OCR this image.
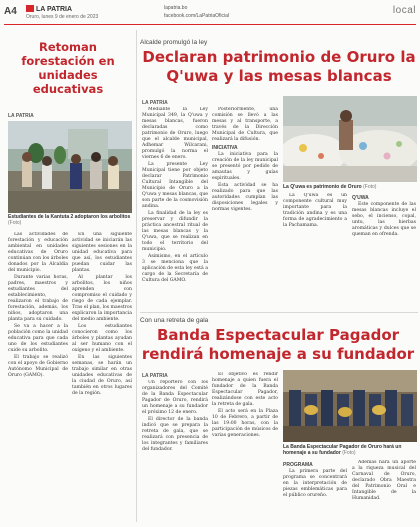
A4	LA PATRIA
Oruro, lunes 9 de enero de 2023
lapatria.bo
facebook.com/LaPatriaOficial	local
Retoman forestación en unidades educativas
LA PATRIA
Estudiantes de la Kantuta 2 adoptaron los arbolitos (Foto)

Las actividades de forestación y educación ambiental en unidades educativas de Oruro continúan con los árboles donados por la Alcaldía del municipio.

Durante varias horas, padres, maestros y estudiantes del establecimiento, realizaron el trabajo de forestación, además, los niños, adoptaron una planta para su cuidado.

Se va a hacer a la población como la unidad educativa para que cada uno de los estudiantes cuide su arbolito.

El trabajo se realizó con el apoyo de Gobierno Autónomo Municipal de Oruro (GAMO).

En una siguiente actividad se iniciarán las siguientes sesiones en la unidad educativa para que así, los estudiantes puedan cuidar las plantas.

Al plantar los arbolitos, los niños aprenden con compromiso el cuidado y riego de cada ejemplar. Tras el plan, los maestros explicaron la importancia del medio ambiente.

Los estudiantes conocieron como los árboles y plantas ayudan al ser humano con el oxígeno y el ambiente.

En las siguientes semanas, se harán un trabajo similar en otras unidades educativas de la ciudad de Oruro, así también en otros lugares de la región.

Alcalde promulgó la ley
Declaran patrimonio de Oruro la Q'uwa y las mesas blancas
LA PATRIA

Mediante la Ley Municipal 349, la Q'uwa y mesas blancas, fueron declaradas como patrimonio de Oruro, luego que el alcalde municipal, Adhemar Wilcarani, promulgó la norma el viernes 6 de enero.

La presente Ley Municipal tiene por objeto declarar Patrimonio Cultural Intangible del Municipio de Oruro a la Q'uwa y mesas blancas, que son parte de la cosmovisión andina.

La finalidad de la ley es preservar y difundir la práctica ancestral ritual de las mesas blancas y la Q'uwa, que se realizan en todo el territorio del municipio.

Asimismo, en el artículo 3 se menciona que la aplicación de esta ley está a cargo de la Secretaría de Cultura del GAMO.

Posteriormente, una comisión se llevó a las mesas y al transporte, a través de la Dirección Municipal de Cultura, que realizará la difusión.

INICIATIVA

La iniciativa para la creación de la ley municipal se presentó por pedido de amautas y guías espirituales.

Esta actividad se ha realizado para que las autoridades cumplan las disposiciones legales y normas vigentes.

La Q'uwa es patrimonio de Oruro (Foto)

La Q'uwa es un componente cultural muy importante para la tradición andina y es una forma de agradecimiento a la Pachamama.

Q'UWA

Este componente de las mesas blancas incluye el sebo, el incienso, copal, untu, las hierbas aromáticas y dulces que se queman en ofrenda.

Con una retreta de gala
Banda Espectacular Pagador rendirá homenaje a su fundador
LA PATRIA

Un reportero con los organizadores del Comité de la Banda Espectacular Pagador de Oruro, rendirá un homenaje a su fundador el próximo 12 de enero.

El director de la banda indicó que se prepara la retreta de gala, que se realizará con presencia de los integrantes y familiares del fundador.

El objetivo es rendir homenaje a quien fuera el fundador de la Banda Espectacular Pagador, realizándose con este acto la retreta de gala.

El acto será en la Plaza 10 de Febrero, a partir de las 19:00 horas, con la participación de músicos de varias generaciones.

La Banda Espectacular Pagador de Oruro hará un homenaje a su fundador (Foto)
PROGRAMA

La primera parte del programa se concentrará en la interpretación de piezas emblemáticas para el público orureño.

Además hará un aporte a la riqueza musical del Carnaval de Oruro, declarado Obra Maestra del Patrimonio Oral e Intangible de la Humanidad.
